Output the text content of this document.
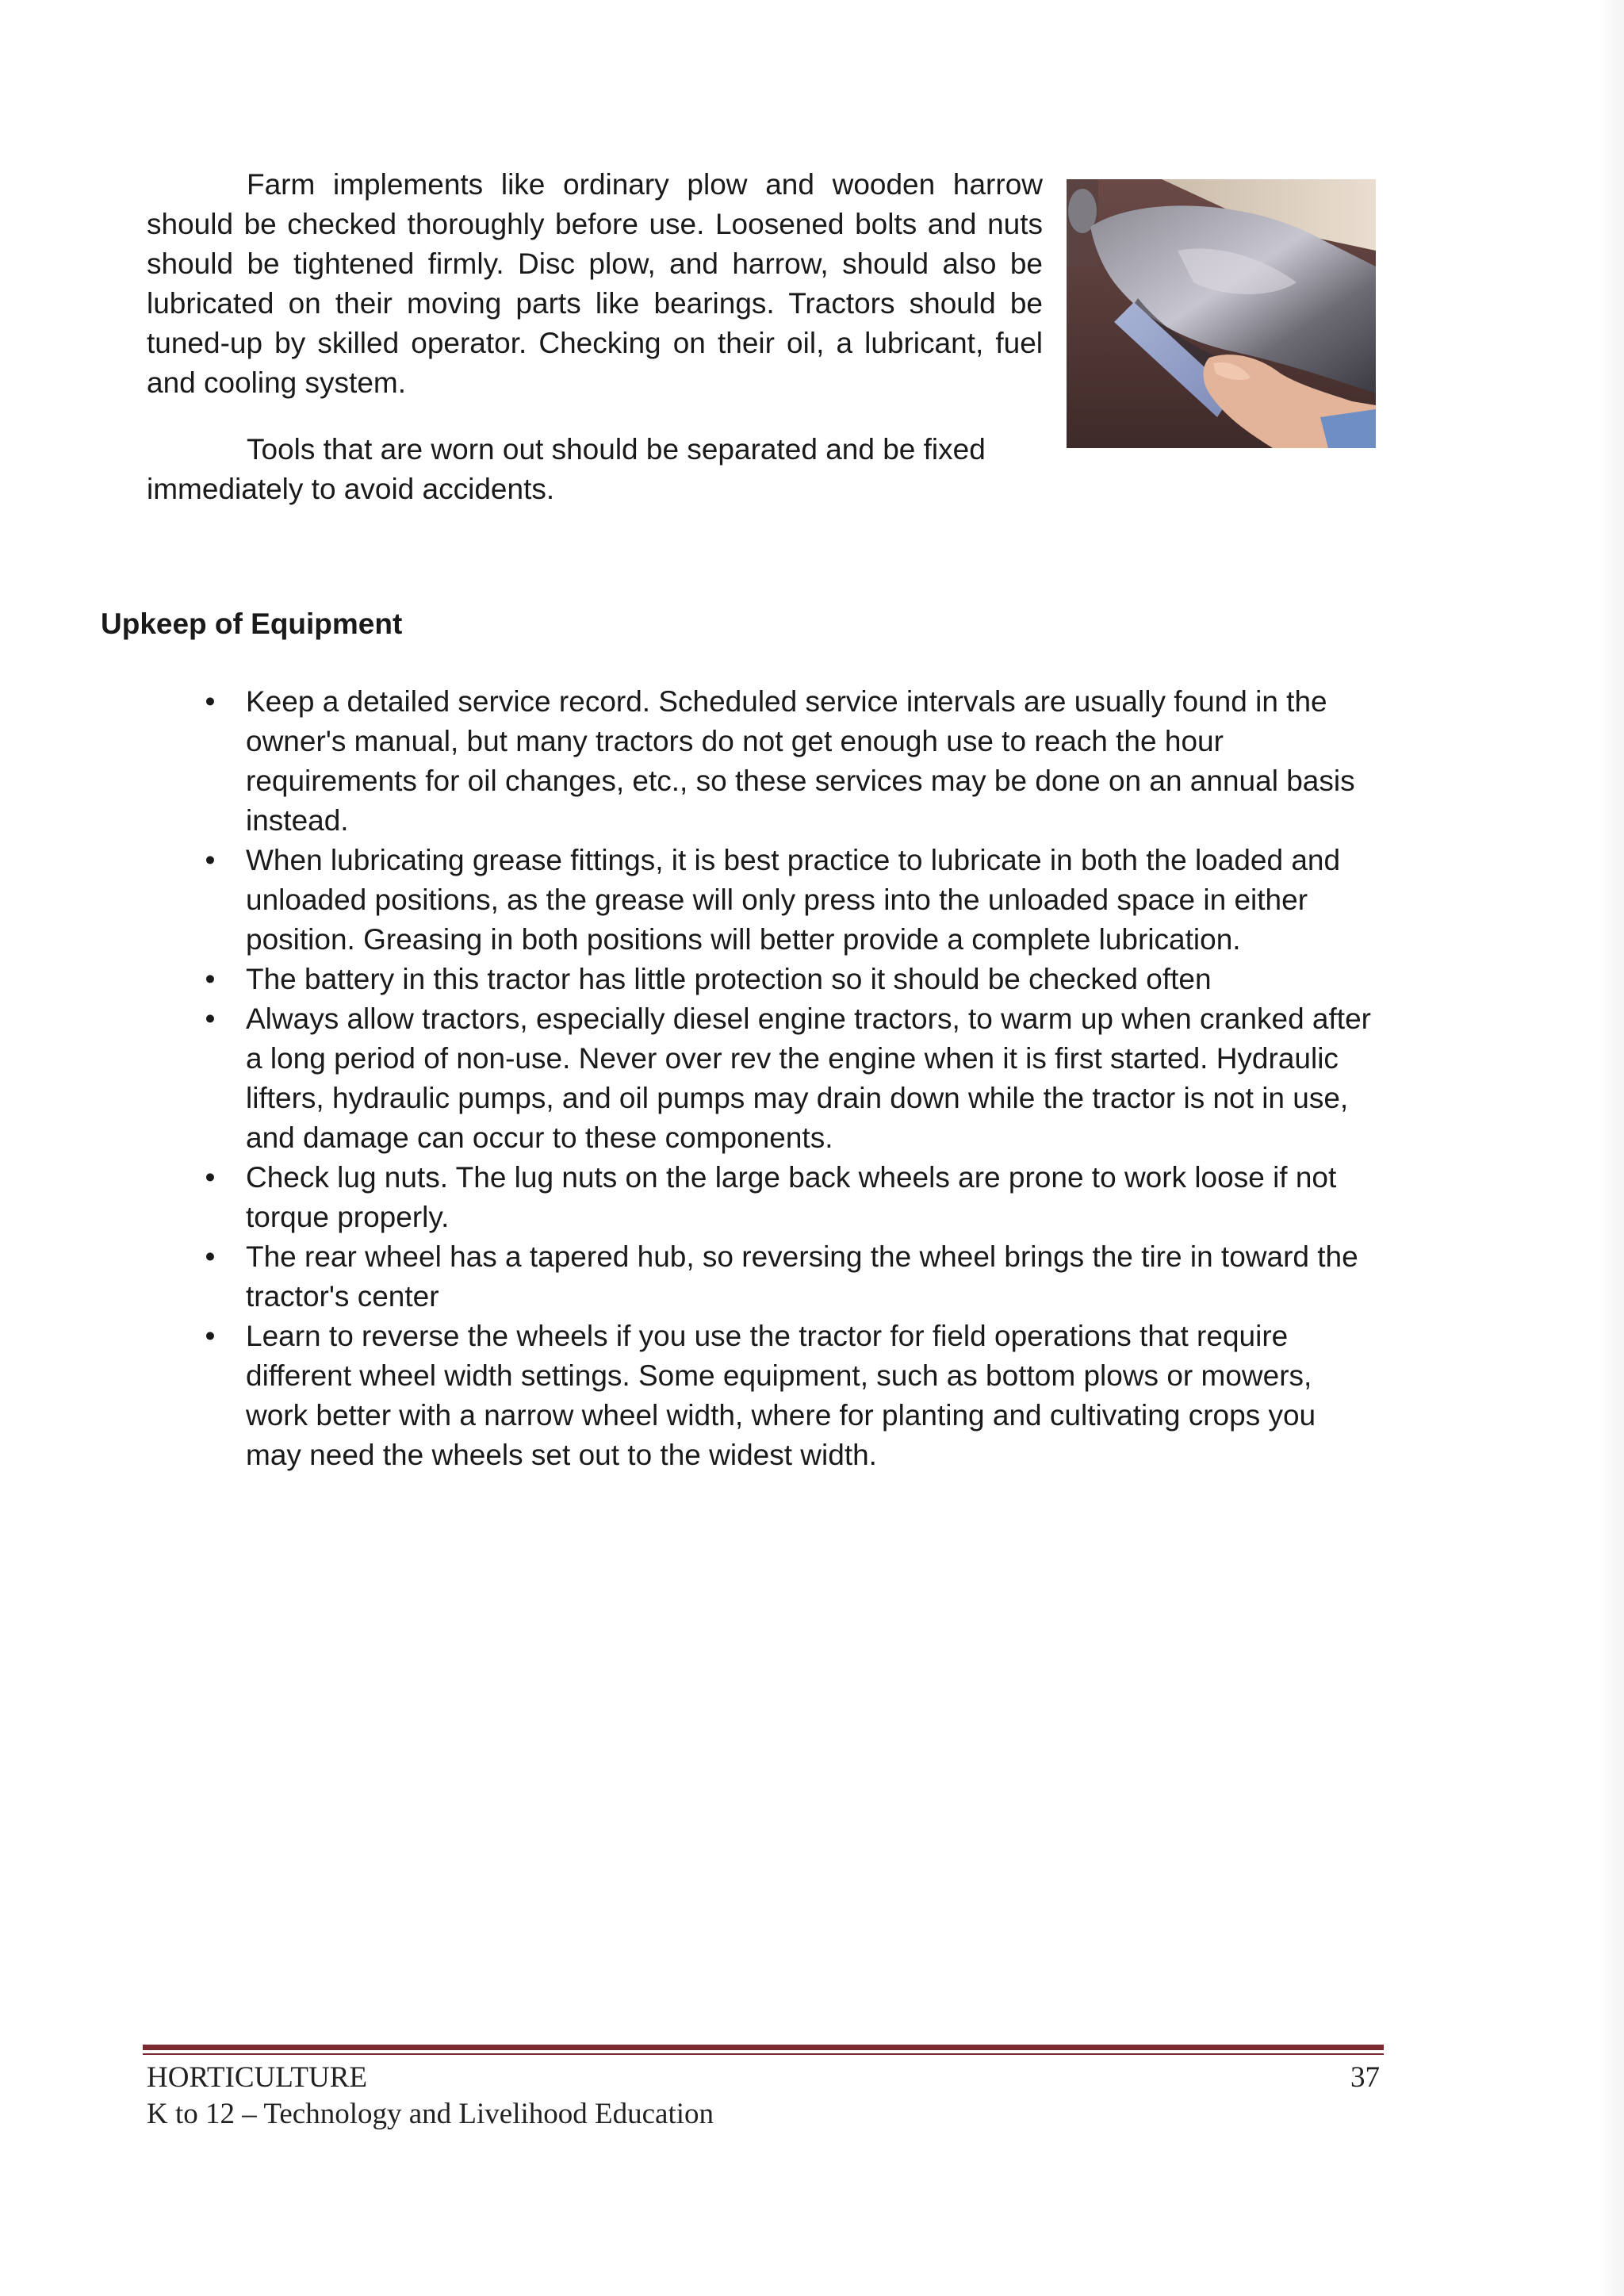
Farm implements like ordinary plow and wooden harrow should be checked thoroughly before use. Loosened bolts and nuts should be tightened firmly. Disc plow, and harrow, should also be lubricated on their moving parts like bearings. Tractors should be tuned-up by skilled operator. Checking on their oil, a lubricant, fuel and cooling system.

Tools that are worn out should be separated and be fixed immediately to avoid accidents.

Upkeep of Equipment
• Keep a detailed service record. Scheduled service intervals are usually found in the owner's manual, but many tractors do not get enough use to reach the hour requirements for oil changes, etc., so these services may be done on an annual basis instead.
• When lubricating grease fittings, it is best practice to lubricate in both the loaded and unloaded positions, as the grease will only press into the unloaded space in either position. Greasing in both positions will better provide a complete lubrication.
• The battery in this tractor has little protection so it should be checked often
• Always allow tractors, especially diesel engine tractors, to warm up when cranked after a long period of non-use. Never over rev the engine when it is first started. Hydraulic lifters, hydraulic pumps, and oil pumps may drain down while the tractor is not in use, and damage can occur to these components.
• Check lug nuts. The lug nuts on the large back wheels are prone to work loose if not torque properly.
• The rear wheel has a tapered hub, so reversing the wheel brings the tire in toward the tractor's center
• Learn to reverse the wheels if you use the tractor for field operations that require different wheel width settings. Some equipment, such as bottom plows or mowers, work better with a narrow wheel width, where for planting and cultivating crops you may need the wheels set out to the widest width.
HORTICULTURE	37
K to 12 – Technology and Livelihood Education
